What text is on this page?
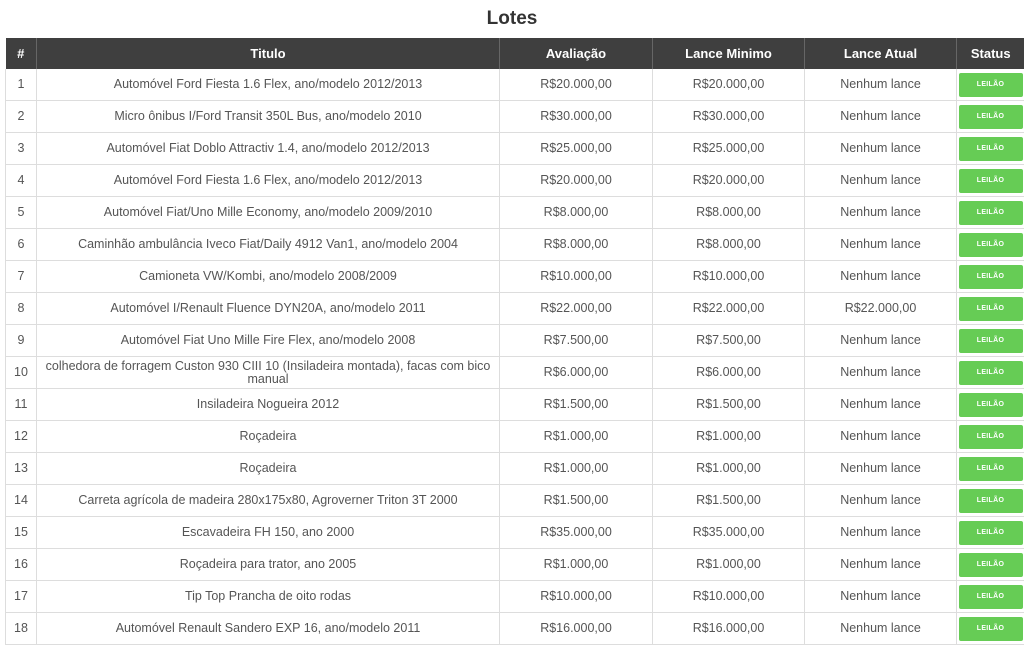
Lotes
#	Titulo	Avaliação	Lance Minimo	Lance Atual	Status
1	Automóvel Ford Fiesta 1.6 Flex, ano/modelo 2012/2013	R$20.000,00	R$20.000,00	Nenhum lance	LEILÃO
2	Micro ônibus I/Ford Transit 350L Bus, ano/modelo 2010	R$30.000,00	R$30.000,00	Nenhum lance	LEILÃO
3	Automóvel Fiat Doblo Attractiv 1.4, ano/modelo 2012/2013	R$25.000,00	R$25.000,00	Nenhum lance	LEILÃO
4	Automóvel Ford Fiesta 1.6 Flex, ano/modelo 2012/2013	R$20.000,00	R$20.000,00	Nenhum lance	LEILÃO
5	Automóvel Fiat/Uno Mille Economy, ano/modelo 2009/2010	R$8.000,00	R$8.000,00	Nenhum lance	LEILÃO
6	Caminhão ambulância Iveco Fiat/Daily 4912 Van1, ano/modelo 2004	R$8.000,00	R$8.000,00	Nenhum lance	LEILÃO
7	Camioneta VW/Kombi, ano/modelo 2008/2009	R$10.000,00	R$10.000,00	Nenhum lance	LEILÃO
8	Automóvel I/Renault Fluence DYN20A, ano/modelo 2011	R$22.000,00	R$22.000,00	R$22.000,00	LEILÃO
9	Automóvel Fiat Uno Mille Fire Flex, ano/modelo 2008	R$7.500,00	R$7.500,00	Nenhum lance	LEILÃO
10	colhedora de forragem Custon 930 CIII 10 (Insiladeira montada), facas com bico manual	R$6.000,00	R$6.000,00	Nenhum lance	LEILÃO
11	Insiladeira Nogueira 2012	R$1.500,00	R$1.500,00	Nenhum lance	LEILÃO
12	Roçadeira	R$1.000,00	R$1.000,00	Nenhum lance	LEILÃO
13	Roçadeira	R$1.000,00	R$1.000,00	Nenhum lance	LEILÃO
14	Carreta agrícola de madeira 280x175x80, Agroverner Triton 3T 2000	R$1.500,00	R$1.500,00	Nenhum lance	LEILÃO
15	Escavadeira FH 150, ano 2000	R$35.000,00	R$35.000,00	Nenhum lance	LEILÃO
16	Roçadeira para trator, ano 2005	R$1.000,00	R$1.000,00	Nenhum lance	LEILÃO
17	Tip Top Prancha de oito rodas	R$10.000,00	R$10.000,00	Nenhum lance	LEILÃO
18	Automóvel Renault Sandero EXP 16, ano/modelo 2011	R$16.000,00	R$16.000,00	Nenhum lance	LEILÃO
